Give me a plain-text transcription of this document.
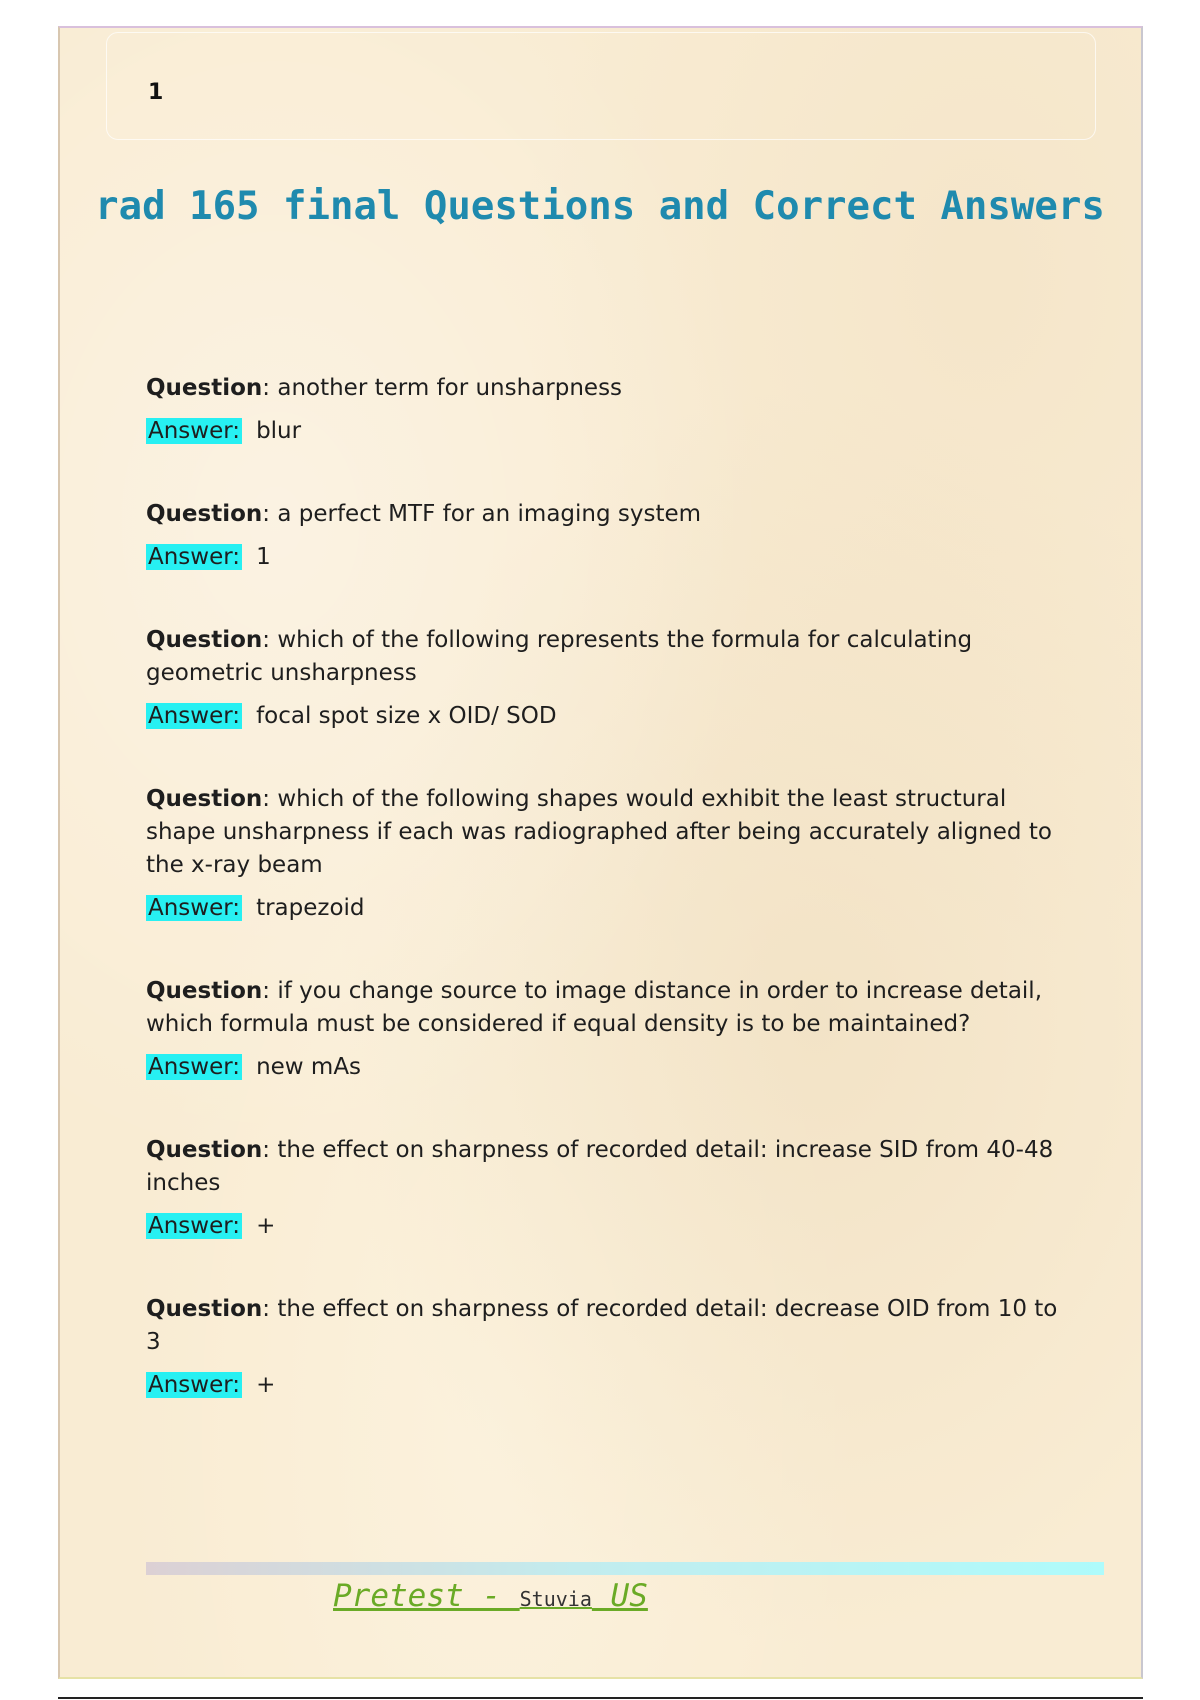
1
rad 165 final Questions and Correct Answers
Question: another term for unsharpness
Answer: blur
Question: a perfect MTF for an imaging system
Answer: 1
Question: which of the following represents the formula for calculating geometric unsharpness
Answer: focal spot size x OID/ SOD
Question: which of the following shapes would exhibit the least structural shape unsharpness if each was radiographed after being accurately aligned to the x-ray beam
Answer: trapezoid
Question: if you change source to image distance in order to increase detail, which formula must be considered if equal density is to be maintained?
Answer: new mAs
Question: the effect on sharpness of recorded detail: increase SID from 40-48 inches
Answer: +
Question: the effect on sharpness of recorded detail: decrease OID from 10 to 3
Answer: +
Pretest - Stuvia US
